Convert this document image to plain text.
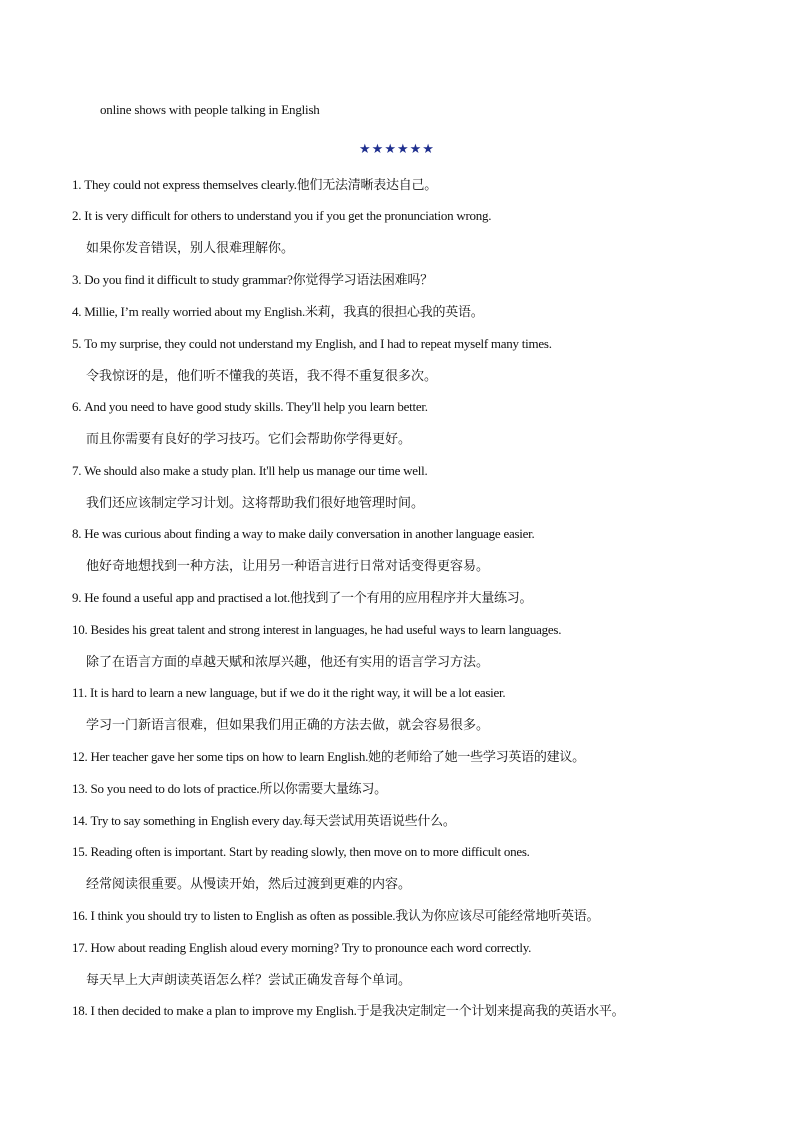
online shows with people talking in English
★★★★★★
1. They could not express themselves clearly.他们无法清晰表达自己。
2. It is very difficult for others to understand you if you get the pronunciation wrong.
如果你发音错误，别人很难理解你。
3. Do you find it difficult to study grammar?你觉得学习语法困难吗？
4. Millie, I’m really worried about my English.米莉，我真的很担心我的英语。
5. To my surprise, they could not understand my English, and I had to repeat myself many times.
令我惊讶的是，他们听不懂我的英语，我不得不重复很多次。
6. And you need to have good study skills. They'll help you learn better.
而且你需要有良好的学习技巧。它们会帮助你学得更好。
7. We should also make a study plan. It'll help us manage our time well.
我们还应该制定学习计划。这将帮助我们很好地管理时间。
8. He was curious about finding a way to make daily conversation in another language easier.
他好奇地想找到一种方法，让用另一种语言进行日常对话变得更容易。
9. He found a useful app and practised a lot.他找到了一个有用的应用程序并大量练习。
10. Besides his great talent and strong interest in languages, he had useful ways to learn languages.
除了在语言方面的卓越天赋和浓厚兴趣，他还有实用的语言学习方法。
11. It is hard to learn a new language, but if we do it the right way, it will be a lot easier.
学习一门新语言很难，但如果我们用正确的方法去做，就会容易很多。
12. Her teacher gave her some tips on how to learn English.她的老师给了她一些学习英语的建议。
13. So you need to do lots of practice.所以你需要大量练习。
14. Try to say something in English every day.每天尝试用英语说些什么。
15. Reading often is important. Start by reading slowly, then move on to more difficult ones.
经常阅读很重要。从慢读开始，然后过渡到更难的内容。
16. I think you should try to listen to English as often as possible.我认为你应该尽可能经常地听英语。
17. How about reading English aloud every morning? Try to pronounce each word correctly.
每天早上大声朗读英语怎么样？尝试正确发音每个单词。
18. I then decided to make a plan to improve my English.于是我决定制定一个计划来提高我的英语水平。
